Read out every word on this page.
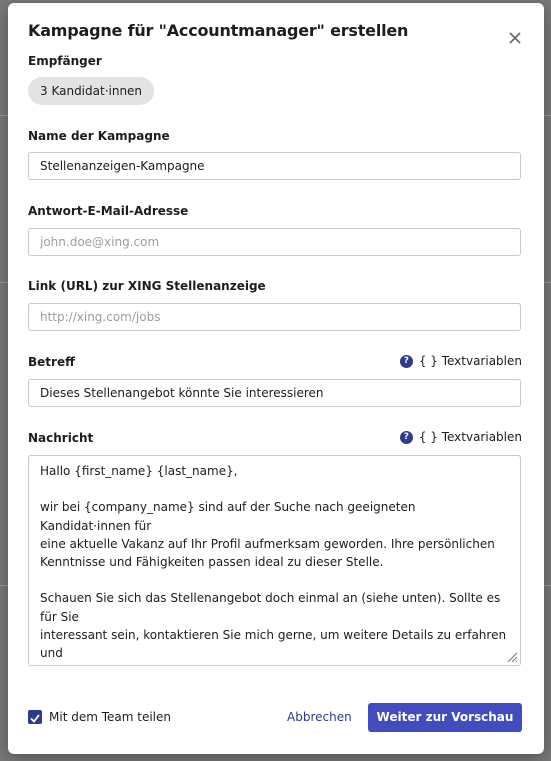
Kampagne für "Accountmanager" erstellen
Empfänger
3 Kandidat·innen
Name der Kampagne
Stellenanzeigen-Kampagne
Antwort-E-Mail-Adresse
john.doe@xing.com
Link (URL) zur XING Stellenanzeige
http://xing.com/jobs
Betreff	? { } Textvariablen
Dieses Stellenangebot könnte Sie interessieren
Nachricht	? { } Textvariablen

Hallo {first_name} {last_name},

wir bei {company_name} sind auf der Suche nach geeigneten Kandidat·innen für

eine aktuelle Vakanz auf Ihr Profil aufmerksam geworden. Ihre persönlichen

Kenntnisse und Fähigkeiten passen ideal zu dieser Stelle.

Schauen Sie sich das Stellenangebot doch einmal an (siehe unten). Sollte es für Sie

interessant sein, kontaktieren Sie mich gerne, um weitere Details zu erfahren und

Mit dem Team teilen	Abbrechen	Weiter zur Vorschau
